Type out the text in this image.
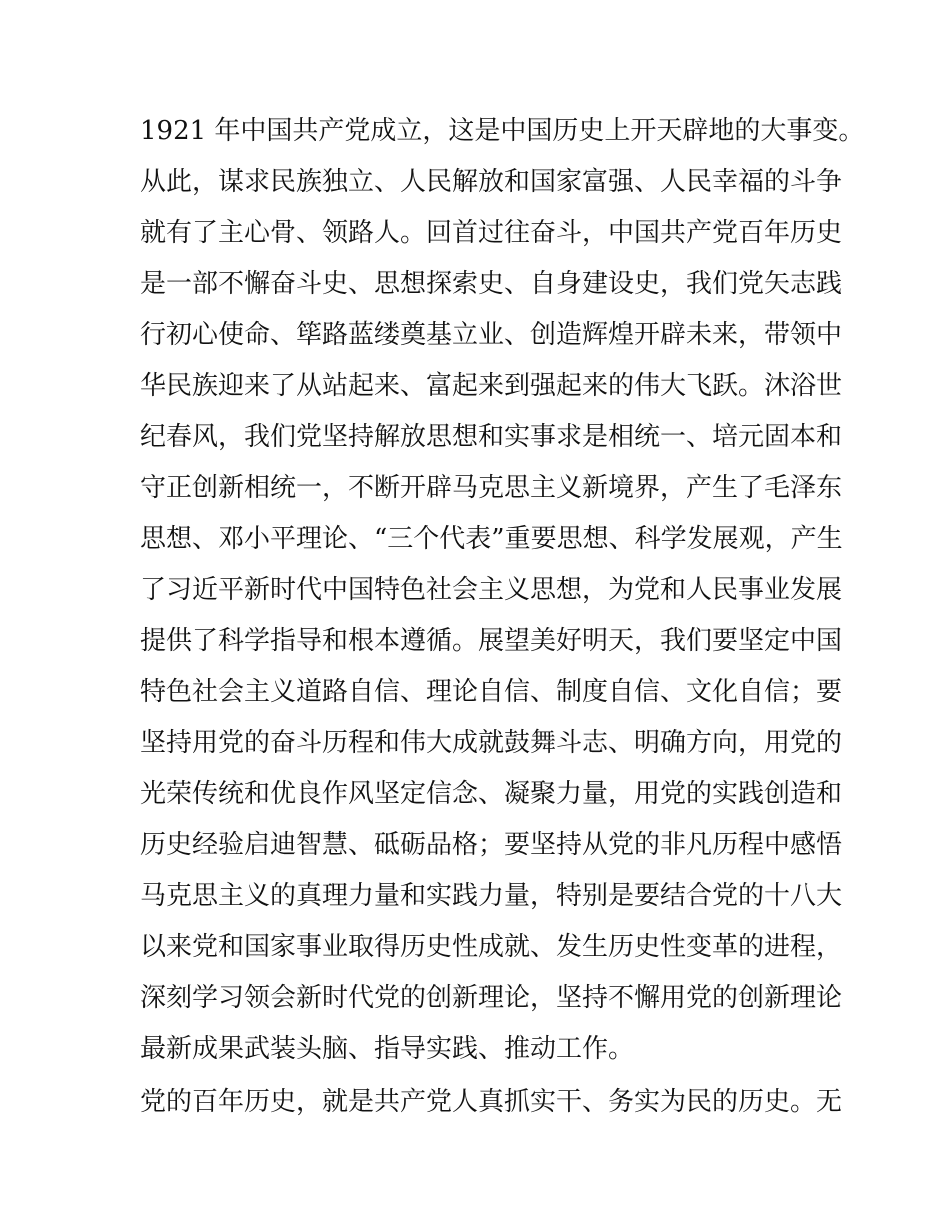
1921 年中国共产党成立，这是中国历史上开天辟地的大事变。
从此，谋求民族独立、人民解放和国家富强、人民幸福的斗争
就有了主心骨、领路人。回首过往奋斗，中国共产党百年历史
是一部不懈奋斗史、思想探索史、自身建设史，我们党矢志践
行初心使命、筚路蓝缕奠基立业、创造辉煌开辟未来，带领中
华民族迎来了从站起来、富起来到强起来的伟大飞跃。沐浴世
纪春风，我们党坚持解放思想和实事求是相统一、培元固本和
守正创新相统一，不断开辟马克思主义新境界，产生了毛泽东
思想、邓小平理论、“三个代表”重要思想、科学发展观，产生
了习近平新时代中国特色社会主义思想，为党和人民事业发展
提供了科学指导和根本遵循。展望美好明天，我们要坚定中国
特色社会主义道路自信、理论自信、制度自信、文化自信；要
坚持用党的奋斗历程和伟大成就鼓舞斗志、明确方向，用党的
光荣传统和优良作风坚定信念、凝聚力量，用党的实践创造和
历史经验启迪智慧、砥砺品格；要坚持从党的非凡历程中感悟
马克思主义的真理力量和实践力量，特别是要结合党的十八大
以来党和国家事业取得历史性成就、发生历史性变革的进程，
深刻学习领会新时代党的创新理论，坚持不懈用党的创新理论
最新成果武装头脑、指导实践、推动工作。
党的百年历史，就是共产党人真抓实干、务实为民的历史。无
